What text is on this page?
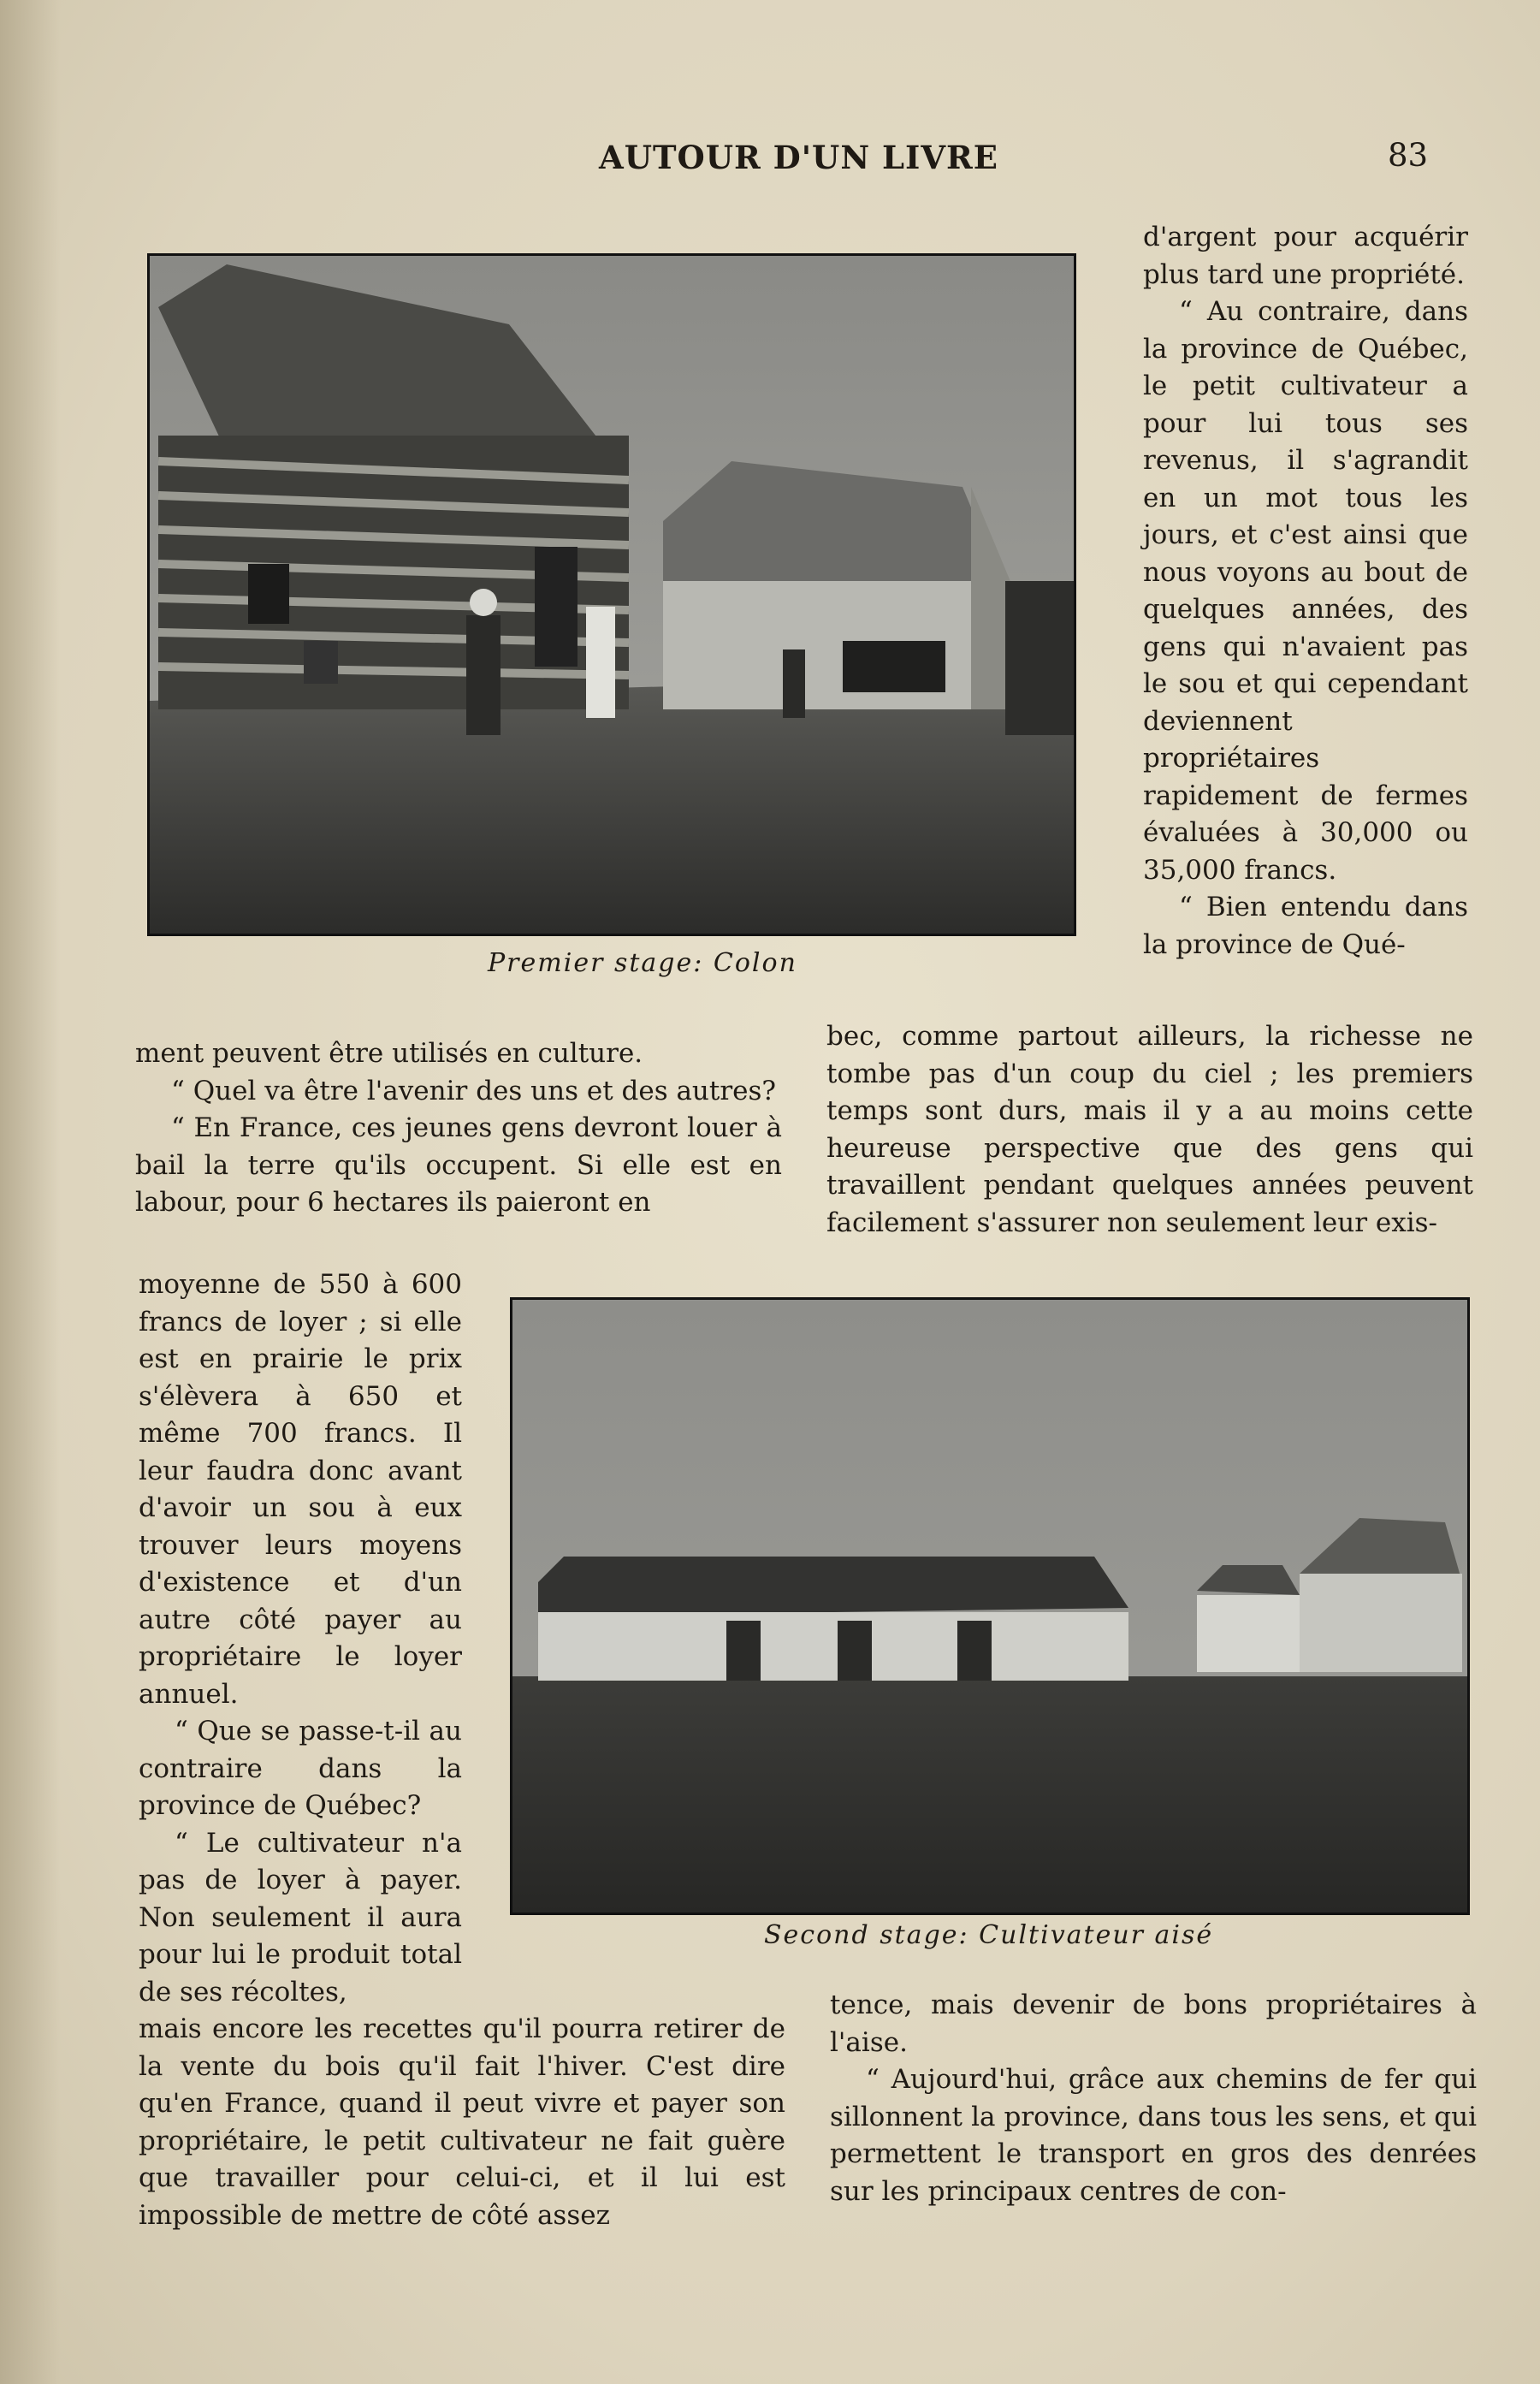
AUTOUR D'UN LIVRE	83
Premier stage: Colon
Second stage: Cultivateur aisé

d'argent pour acquérir plus tard une propriété.

“ Au contraire, dans la province de Québec, le petit cultivateur a pour lui tous ses revenus, il s'agrandit en un mot tous les jours, et c'est ainsi que nous voyons au bout de quelques années, des gens qui n'avaient pas le sou et qui cependant deviennent propriétaires rapidement de fermes évaluées à 30,000 ou 35,000 francs.

“ Bien entendu dans la province de Qué-

bec, comme partout ailleurs, la richesse ne tombe pas d'un coup du ciel ; les premiers temps sont durs, mais il y a au moins cette heureuse perspective que des gens qui travaillent pendant quelques années peuvent facilement s'assurer non seulement leur exis-

ment peuvent être utilisés en culture.

“ Quel va être l'avenir des uns et des autres?

“ En France, ces jeunes gens devront louer à bail la terre qu'ils occupent. Si elle est en labour, pour 6 hectares ils paieront en

moyenne de 550 à 600 francs de loyer ; si elle est en prairie le prix s'élèvera à 650 et même 700 francs. Il leur faudra donc avant d'avoir un sou à eux trouver leurs moyens d'existence et d'un autre côté payer au propriétaire le loyer annuel.

“ Que se passe-t-il au contraire dans la province de Québec?

“ Le cultivateur n'a pas de loyer à payer. Non seulement il aura pour lui le produit total de ses récoltes,

mais encore les recettes qu'il pourra retirer de la vente du bois qu'il fait l'hiver. C'est dire qu'en France, quand il peut vivre et payer son propriétaire, le petit cultivateur ne fait guère que travailler pour celui-ci, et il lui est impossible de mettre de côté assez

tence, mais devenir de bons propriétaires à l'aise.

“ Aujourd'hui, grâce aux chemins de fer qui sillonnent la province, dans tous les sens, et qui permettent le transport en gros des denrées sur les principaux centres de con-
